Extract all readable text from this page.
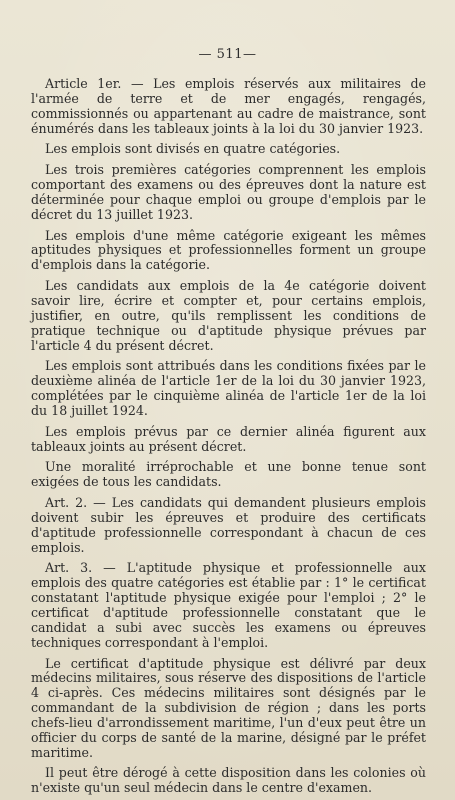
— 511—

Article 1er. — Les emplois réservés aux militaires de l'armée de terre et de mer engagés, rengagés, commissionnés ou appartenant au cadre de maistrance, sont énumérés dans les tableaux joints à la loi du 30 janvier 1923.

Les emplois sont divisés en quatre catégories.

Les trois premières catégories comprennent les emplois comportant des examens ou des épreuves dont la nature est déterminée pour chaque emploi ou groupe d'emplois par le décret du 13 juillet 1923.

Les emplois d'une même catégorie exigeant les mêmes aptitudes physiques et professionnelles forment un groupe d'emplois dans la catégorie.

Les candidats aux emplois de la 4e catégorie doivent savoir lire, écrire et compter et, pour certains emplois, justifier, en outre, qu'ils remplissent les conditions de pratique technique ou d'aptitude physique prévues par l'article 4 du présent décret.

Les emplois sont attribués dans les conditions fixées par le deuxième alinéa de l'article 1er de la loi du 30 janvier 1923, complétées par le cinquième alinéa de l'article 1er de la loi du 18 juillet 1924.

Les emplois prévus par ce dernier alinéa figurent aux tableaux joints au présent décret.

Une moralité irréprochable et une bonne tenue sont exigées de tous les candidats.

Art. 2. — Les candidats qui demandent plusieurs emplois doivent subir les épreuves et produire des certificats d'aptitude professionnelle correspondant à chacun de ces emplois.

Art. 3. — L'aptitude physique et professionnelle aux emplois des quatre catégories est établie par : 1° le certificat constatant l'aptitude physique exigée pour l'emploi ; 2° le certificat d'aptitude professionnelle constatant que le candidat a subi avec succès les examens ou épreuves techniques correspondant à l'emploi.

Le certificat d'aptitude physique est délivré par deux médecins militaires, sous réserve des dispositions de l'article 4 ci-après. Ces médecins militaires sont désignés par le commandant de la subdivision de région ; dans les ports chefs-lieu d'arrondissement maritime, l'un d'eux peut être un officier du corps de santé de la marine, désigné par le préfet maritime.

Il peut être dérogé à cette disposition dans les colonies où n'existe qu'un seul médecin dans le centre d'examen.
